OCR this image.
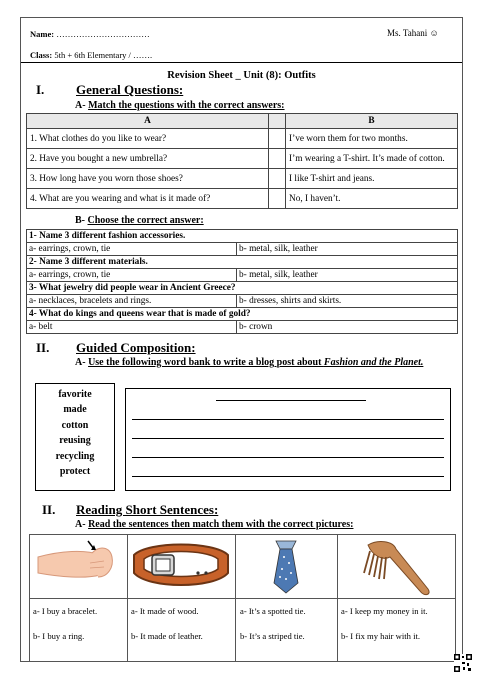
Name: ……………………………	Ms. Tahani ☺
Class: 5th + 6th Elementary / …….
Revision Sheet _ Unit (8): Outfits
I. General Questions:
A- Match the questions with the correct answers:
A		B
1. What clothes do you like to wear?		I’ve worn them for two months.
2. Have you bought a new umbrella?		I’m wearing a T-shirt. It’s made of cotton.
3. How long have you worn those shoes?		I like T-shirt and jeans.
4. What are you wearing and what is it made of?		No, I haven’t.
B- Choose the correct answer:
1- Name 3 different fashion accessories.	
a- earrings, crown, tie	b- metal, silk, leather
2- Name 3 different materials.	
a- earrings, crown, tie	b- metal, silk, leather
3- What jewelry did people wear in Ancient Greece?	
a- necklaces, bracelets and rings.	b- dresses, shirts and skirts.
4- What do kings and queens wear that is made of gold?	
a- belt	b- crown
II. Guided Composition:
A- Use the following word bank to write a blog post about Fashion and the Planet.
favorite
made
cotton
reusing
recycling
protect
II. Reading Short Sentences:
A- Read the sentences then match them with the correct pictures:
a- I buy a bracelet.
b- I buy a ring.
a- It made of wood.
b- It made of leather.
a- It’s a spotted tie.
b- It’s a striped tie.
a- I keep my money in it.
b- I fix my hair with it.
